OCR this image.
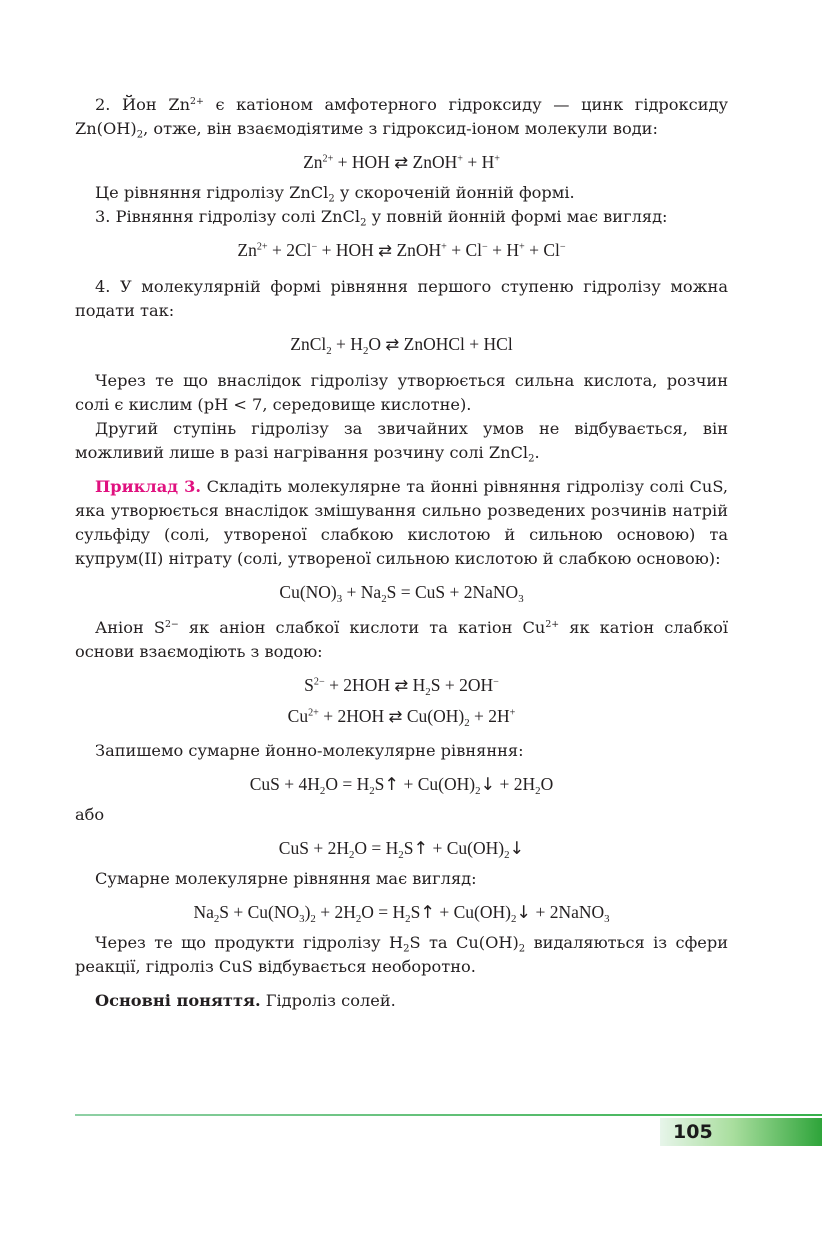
2. Йон $Zn^{2+}$ є катіоном амфотерного гідроксиду — цинк гідроксиду $Zn(OH)_2$, отже, він взаємодіятиме з гідроксид-іоном молекули води:

$Zn^{2+}$ + HOH ⇄ ZnOH+ + H+

Це рівняння гідролізу ZnCl$_2$ у скороченій йонній формі.

3. Рівняння гідролізу солі ZnCl$_2$ у повній йонній формі має вигляд:

$Zn^{2+} + 2Cl^-$ + HOH ⇄ ZnOH+ + Cl− + H+ + Cl−

4. У молекулярній формі рівняння першого ступеню гідролізу можна подати так:

ZnCl$_2$ + $H_2O$ ⇄ ZnOHCl + HCl

Через те що внаслідок гідролізу утворюється сильна кислота, розчин солі є кислим (pH < 7, середовище кислотне).

Другий ступінь гідролізу за звичайних умов не відбувається, він можливий лише в разі нагрівання розчину солі ZnCl$_2$.

Приклад 3. Складіть молекулярне та йонні рівняння гідролізу солі CuS, яка утворюється внаслідок змішування сильно розведених розчинів натрій сульфіду (солі, утвореної слабкою кислотою й сильною основою) та купрум(ІІ) нітрату (солі, утвореної сильною кислотою й слабкою основою):

$Cu(NO)_3 + Na_2S$ = CuS + 2NaNO$_3$

Аніон $S^{2-}$ як аніон слабкої кислоти та катіон $Cu^{2+}$ як катіон слабкої основи взаємодіють з водою:

$S^{2-} + 2HOH$ ⇄ $H_2S + 2OH^-$
$Cu^{2+} + 2HOH$ ⇄ $Cu(OH)_2 + 2H^+$

Запишемо сумарне йонно-молекулярне рівняння:

CuS + $4H_2O$ = $H_2S↑$ + $Cu(OH)_2↓ + 2H_2O$

або

CuS + $2H_2O$ = $H_2S↑$ + $Cu(OH)_2↓$

Сумарне молекулярне рівняння має вигляд:

$Na_2S + Cu(NO_3)_2 + 2H_2O$ = $H_2S↑$ + $Cu(OH)_2↓$ + 2NaNO$_3$

Через те що продукти гідролізу $H_2S$ та $Cu(OH)_2$ видаляються із сфери реакції, гідроліз CuS відбувається необоротно.

Основні поняття. Гідроліз солей.

105
